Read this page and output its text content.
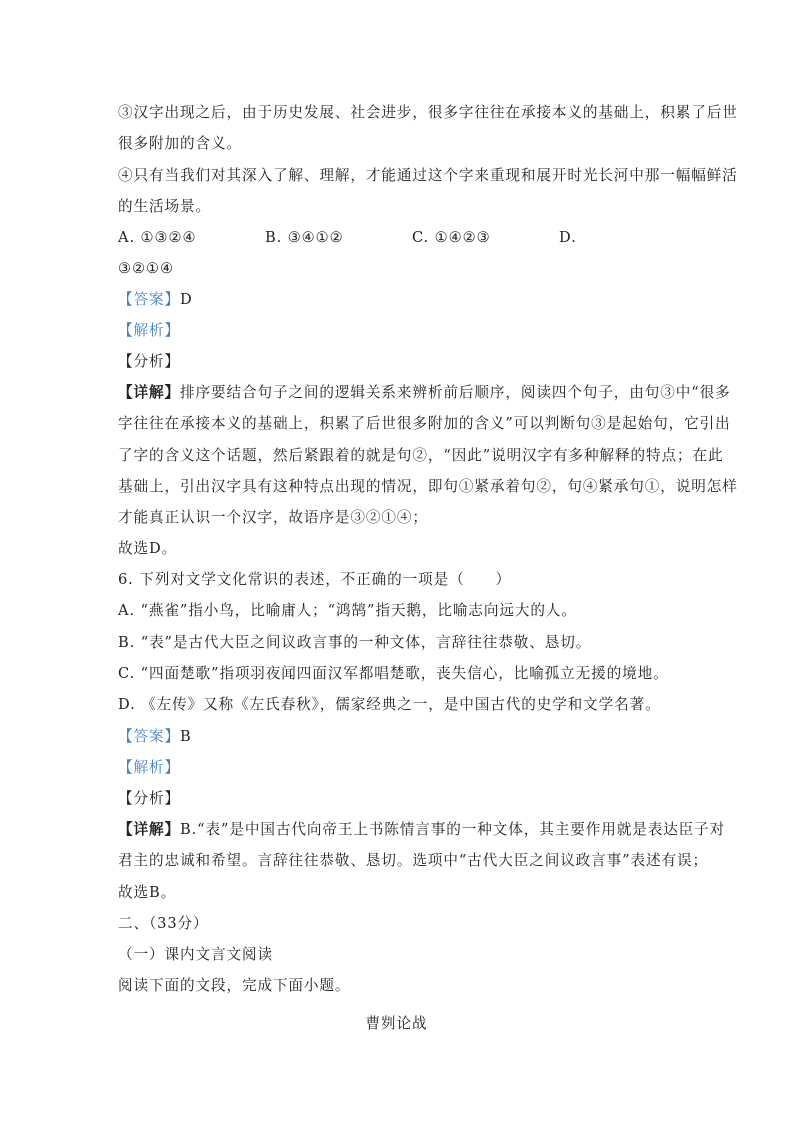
③汉字出现之后，由于历史发展、社会进步，很多字往往在承接本义的基础上，积累了后世
很多附加的含义。
④只有当我们对其深入了解、理解，才能通过这个字来重现和展开时光长河中那一幅幅鲜活
的生活场景。
A. ①③②④	B. ③④①②	C. ①④②③	D.
③②①④
【答案】D
【解析】
【分析】
【详解】排序要结合句子之间的逻辑关系来辨析前后顺序，阅读四个句子，由句③中“很多
字往往在承接本义的基础上，积累了后世很多附加的含义”可以判断句③是起始句，它引出
了字的含义这个话题，然后紧跟着的就是句②，“因此”说明汉字有多种解释的特点；在此
基础上，引出汉字具有这种特点出现的情况，即句①紧承着句②，句④紧承句①，说明怎样
才能真正认识一个汉字，故语序是③②①④；
故选D。
6. 下列对文学文化常识的表述，不正确的一项是（　　）
A. “燕雀”指小鸟，比喻庸人；“鸿鹄”指天鹅，比喻志向远大的人。
B. “表”是古代大臣之间议政言事的一种文体，言辞往往恭敬、恳切。
C. “四面楚歌”指项羽夜闻四面汉军都唱楚歌，丧失信心，比喻孤立无援的境地。
D. 《左传》又称《左氏春秋》，儒家经典之一，是中国古代的史学和文学名著。
【答案】B
【解析】
【分析】
【详解】B.“表”是中国古代向帝王上书陈情言事的一种文体，其主要作用就是表达臣子对
君主的忠诚和希望。言辞往往恭敬、恳切。选项中“古代大臣之间议政言事”表述有误；
故选B。
二、（33分）
（一）课内文言文阅读
阅读下面的文段，完成下面小题。
曹刿论战
